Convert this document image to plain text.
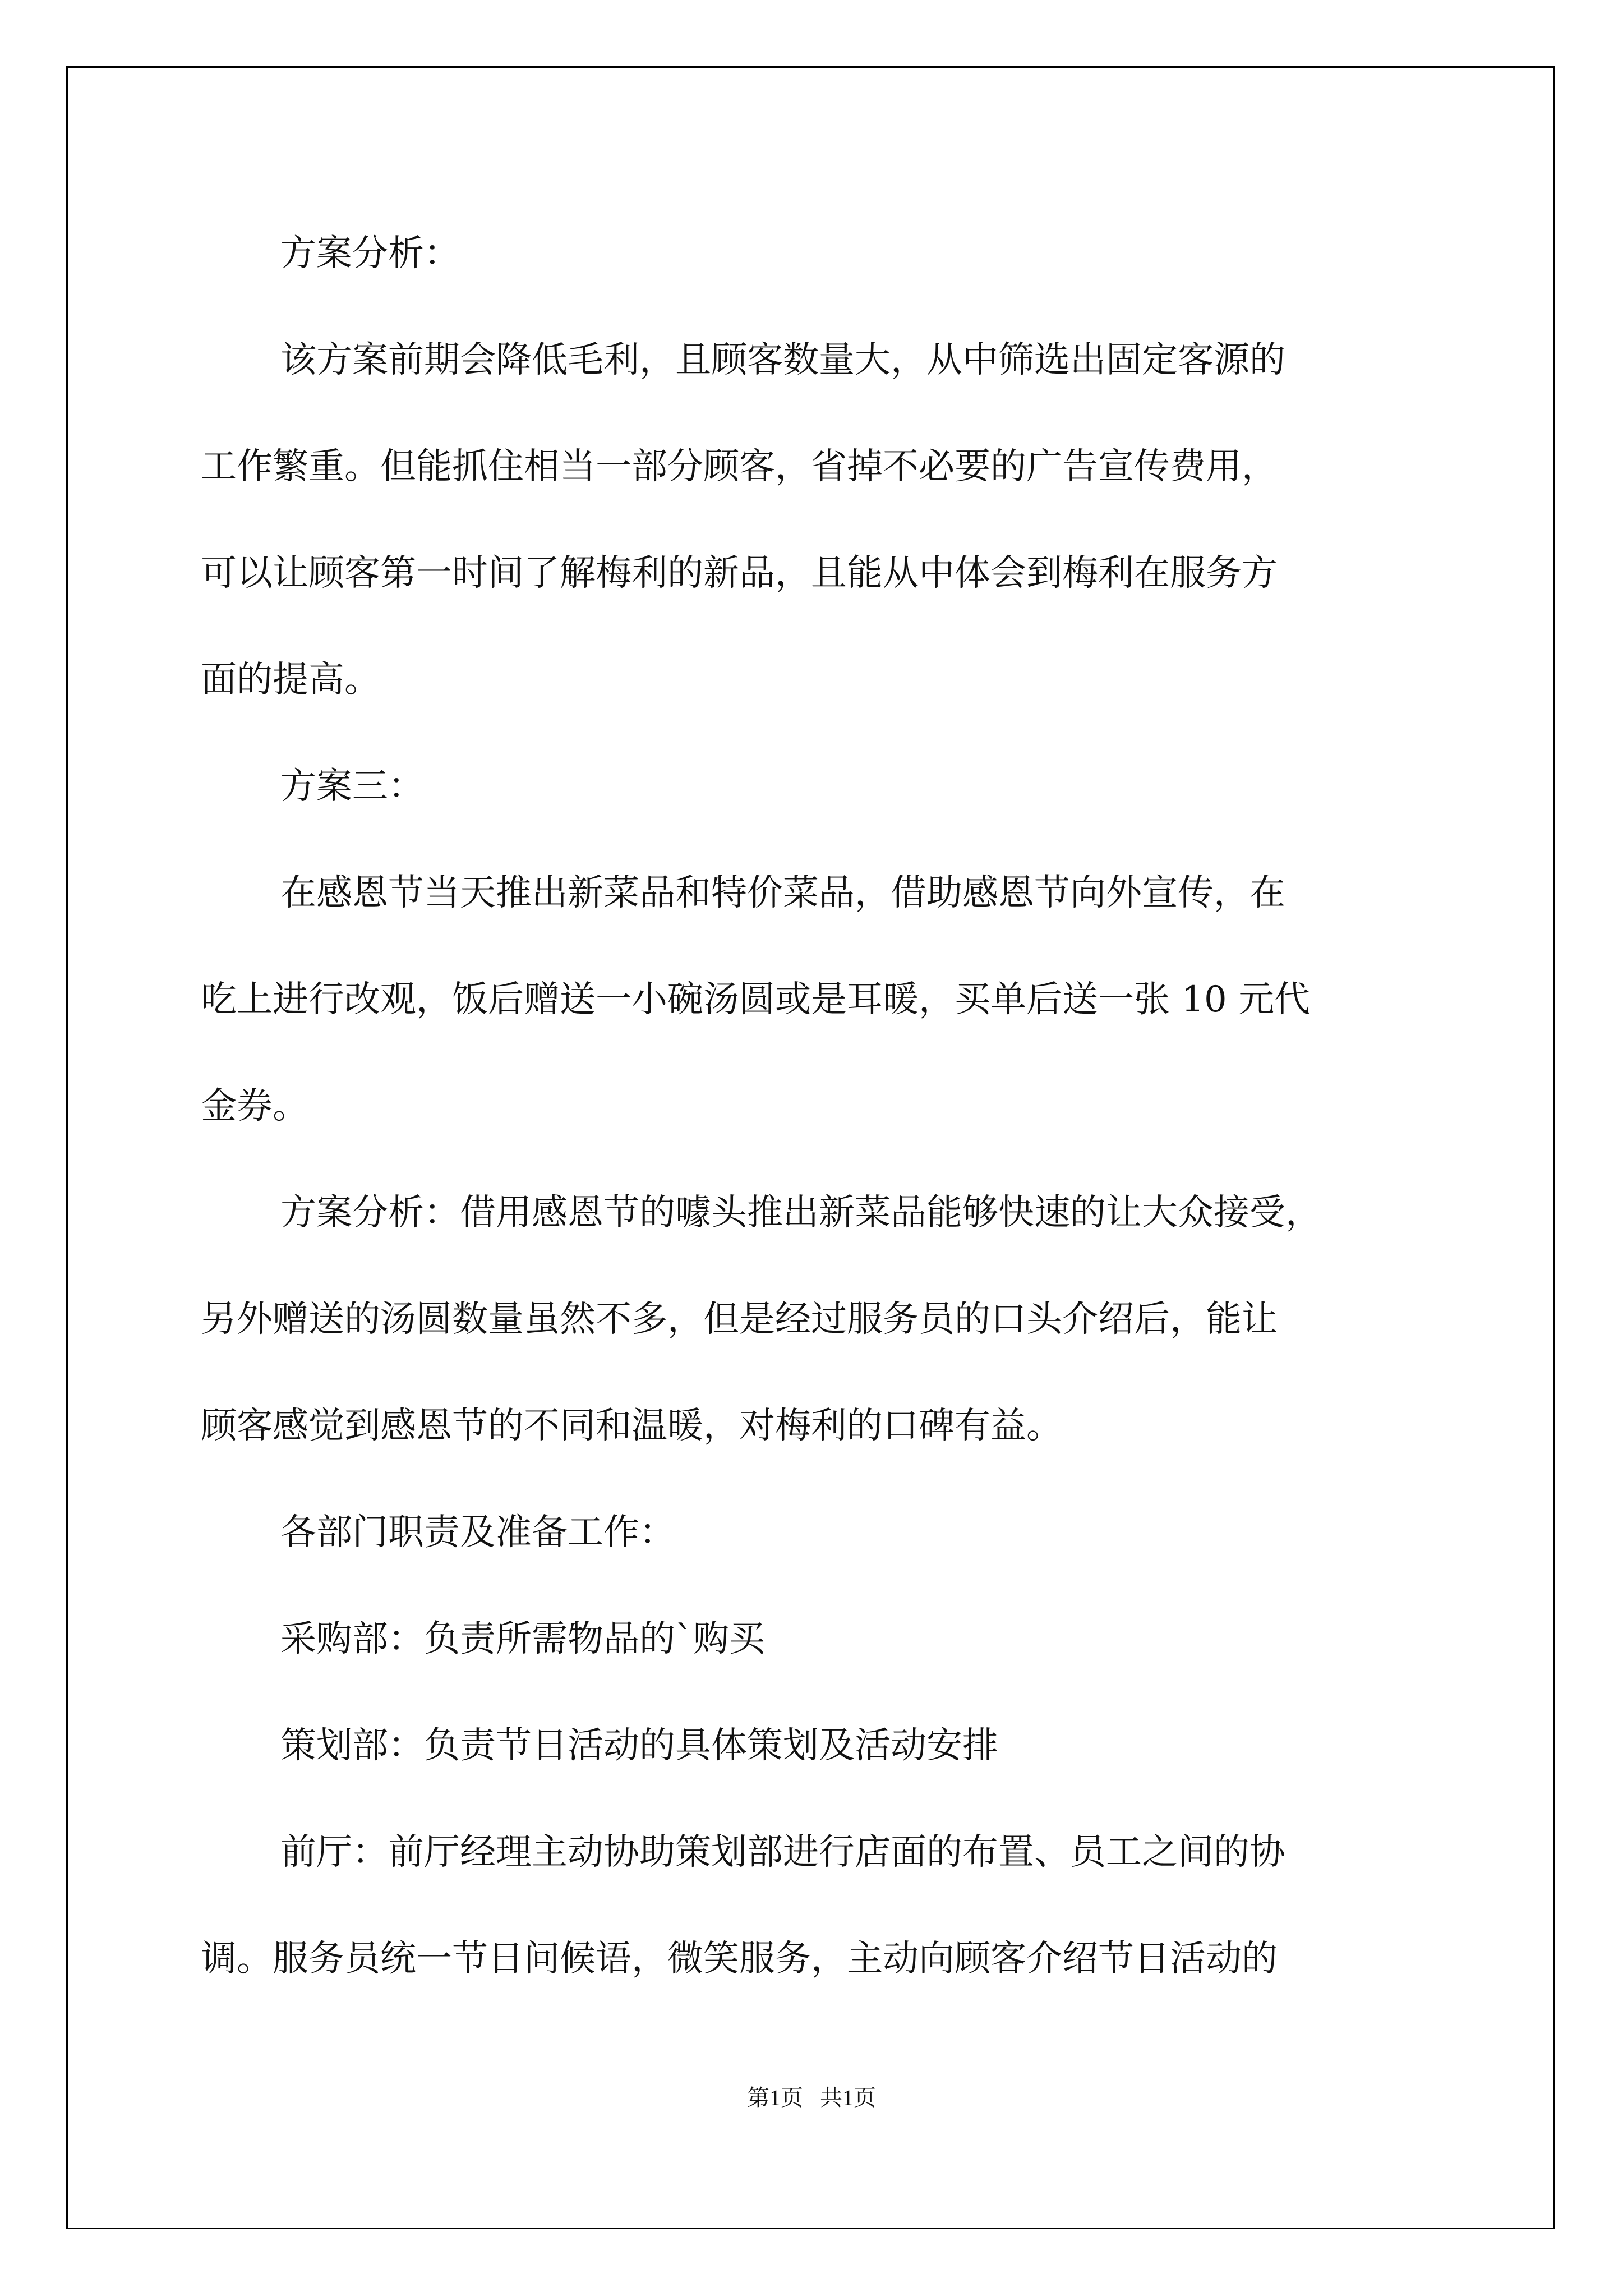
方案分析：
该方案前期会降低毛利，且顾客数量大，从中筛选出固定客源的
工作繁重。但能抓住相当一部分顾客，省掉不必要的广告宣传费用，
可以让顾客第一时间了解梅利的新品，且能从中体会到梅利在服务方
面的提高。
方案三：
在感恩节当天推出新菜品和特价菜品，借助感恩节向外宣传，在
吃上进行改观，饭后赠送一小碗汤圆或是耳暖，买单后送一张 10 元代
金券。
方案分析：借用感恩节的噱头推出新菜品能够快速的让大众接受，
另外赠送的汤圆数量虽然不多，但是经过服务员的口头介绍后，能让
顾客感觉到感恩节的不同和温暖，对梅利的口碑有益。
各部门职责及准备工作：
采购部：负责所需物品的`购买
策划部：负责节日活动的具体策划及活动安排
前厅：前厅经理主动协助策划部进行店面的布置、员工之间的协
调。服务员统一节日问候语，微笑服务，主动向顾客介绍节日活动的
第1页 共1页
